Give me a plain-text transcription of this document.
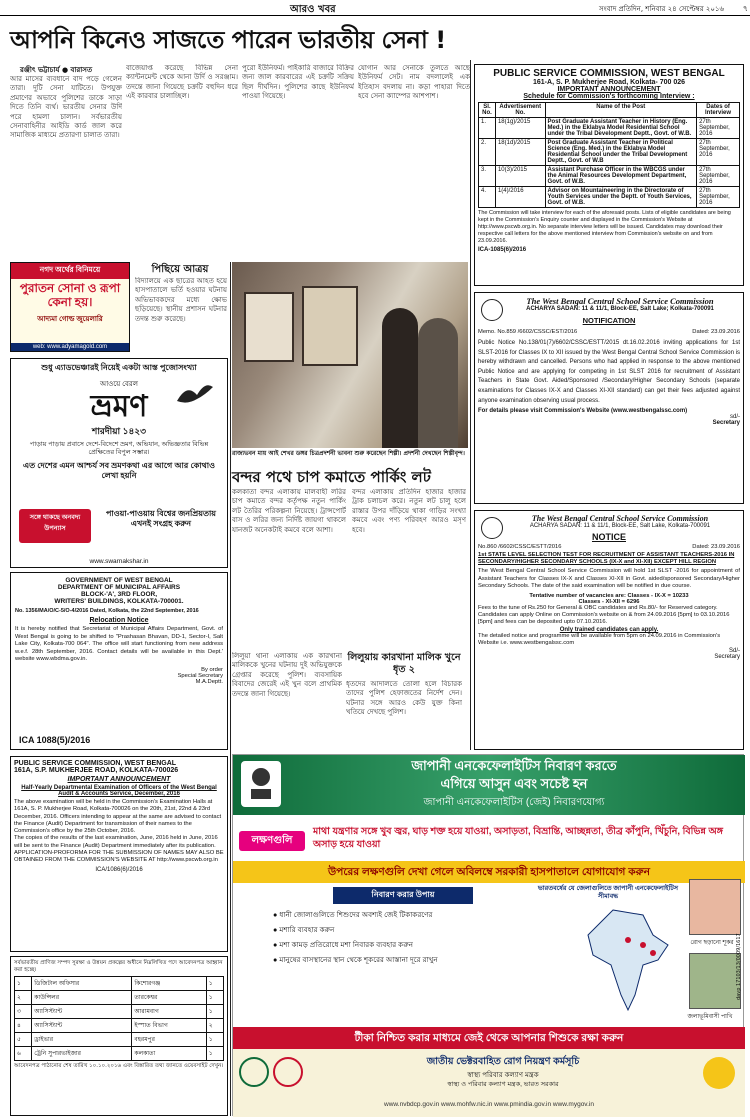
আরও খবর	সংবাদ প্রতিদিন, শনিবার ২৪ সেপ্টেম্বর ২০১৬ ৭
আপনি কিনেও সাজতে পারেন ভারতীয় সেনা !
রঞ্জীৎ ভট্টাচার্য ● বারাসত
আর মাসের ব্যবধানে বাদ পড়ে গেলেন তারা। দুটি সেনা যাটিতে। উপযুক্ত প্রমাণের অভাবে পুলিশের ডাকে সাড়া দিতে তিনি ব্যর্থ। ভারতীয় সেনার উর্দি পরে হামলা চালান। সর্বভারতীয় সেনাবাহিনীর আইডি কার্ড জাল করে সামাজিক মাধ্যমে প্রতারণা চালাত তারা।
বাজেয়াপ্ত করেছে বিভিন্ন সেনা ক্যান্টনমেন্ট থেকে আনা উর্দি ও সরঞ্জাম। তদন্তে জানা গিয়েছে চক্রটি বহুদিন ধরে এই কারবার চালাচ্ছিল।
পুরো ইউনিফর্ম। পাইকারি বাজারে বিক্রির জন্য জাল কারবারের এই চক্রটি সক্রিয় ছিল দীর্ঘদিন। পুলিশের কাছে ইউনিফর্ম পাওয়া গিয়েছে।
যোগান আর সেনাকে তুলতে আছে ইউনিফর্ম সেট। নাম বদলালেই এক ইতিহাস বদলায় না। কড়া পাহারা দিতে হবে সেনা ক্যাম্পের আশপাশ।
নগদ অর্থের বিনিময়ে
পুরাতন সোনা ও রূপা কেনা হয়।
আদ্যমা গোল্ড জুয়েলারি
web: www.adyamagold.com
পিছিয়ে আত্রয়
বিদ্যালয়ে এক ছাত্রের আহত হয়ে হাসপাতালে ভর্তি হওয়ার ঘটনায় অভিভাবকদের মধ্যে ক্ষোভ ছড়িয়েছে। স্থানীয় প্রশাসন ঘটনার তদন্ত শুরু করেছে।
শুধু এ্যাডভেঞ্চারই নিয়েই একটা আস্ত পুজোসংখ্যা
আওয়ে বেরল
ভ্রমণ
শারদীয়া ১৪২৩
পাড়ায় পাড়ায় প্রবাসে দেশে-বিদেশে ভ্রমণ, অভিযান, অভিজ্ঞতার বিভিন্ন প্রেক্ষিতের বিপুল সম্ভার।
এত দেশের এমন আশ্চর্য সব ভ্রমণকথা এর আগে আর কোথাও লেখা হয়নি
সঙ্গে থাকছে অনবদ্য উপন্যাস
পাওয়া-পাওয়ায় বিশ্বের জনপ্রিয়তায় এখনই সংগ্রহ করুন
www.swarnakshar.in
GOVERNMENT OF WEST BENGAL
DEPARTMENT OF MUNICIPAL AFFAIRS
BLOCK-'A', 3RD FLOOR,
WRITERS' BUILDINGS, KOLKATA-700001.
No. 1356/MA/O/C-5/O-4/2016 Dated, Kolkata, the 22nd September, 2016
Relocation Notice
It is hereby notified that Secretariat of Municipal Affairs Department, Govt. of West Bengal is going to be shifted to "Prashasan Bhavan, DD-1, Sector-I, Salt Lake City, Kolkata-700 064". The office will start functioning from new address w.e.f. 28th September, 2016. Contact details will be available in this Dept.' website www.wbdma.gov.in.
By order
Special Secretary
M.A.Deptt.
ICA 1088(5)/2016
PUBLIC SERVICE COMMISSION, WEST BENGAL
161A, S.P. MUKHERJEE ROAD, KOLKATA-700026
IMPORTANT ANNOUNCEMENT
Half-Yearly Departmental Examination of Officers of the West Bengal Audit & Accounts Service, December, 2016
The above examination will be held in the Commission's Examination Halls at 161A, S. P. Mukherjee Road, Kolkata-700026 on the 20th, 21st, 22nd & 23rd December, 2016. Officers intending to appear at the same are advised to contact the Finance (Audit) Department for transmission of their names to the Commission's office by the 25th October, 2016.
The copies of the results of the last examination, June, 2016 held in June, 2016 will be sent to the Finance (Audit) Department immediately after its publication.
APPLICATION-PROFORMA FOR THE SUBMISSION OF NAMES MAY ALSO BE OBTAINED FROM THE COMMISSION'S WEBSITE AT http://www.pscwb.org.in
ICA/1086(6)/2016
সর্বভারতীয় প্রাণিজ সম্পদ সুরক্ষা ও উন্নয়ন প্রকল্পের অধীনে নিম্নলিখিত পদে আবেদনপত্র আহ্বান করা হচ্ছে।
১	ডিজিটাল অফিসার	কিশোরগঞ্জ	১
২	কাউন্সিলর	তারকেশ্বর	১
৩	অ্যাসিস্ট্যান্ট	আরামবাগ	১
৪	অ্যাসিস্ট্যান্ট	ইস্পাত বিভাগ	২
৫	ড্রাইভার	বহরমপুর	১
৬	ট্রেনি সুপারভাইজার	কলকাতা	১
আবেদনপত্র পাঠানোর শেষ তারিখ ১০.১০.২০১৬ এবং বিস্তারিত তথ্য জানতে ওয়েবসাইট দেখুন।
রাজ্যভবন মায় আই শেখর ডঙ্গর চিত্রপ্রদর্শনী ভাবনা শুরু করেছেন শিল্পী। প্রদর্শনী দেখছেন শিল্পীবৃন্দ।
বন্দর পথে চাপ কমাতে পার্কিং লট
কলকাতা বন্দর এলাকায় মালবাহী লরির চাপ কমাতে বন্দর কর্তৃপক্ষ নতুন পার্কিং লট তৈরির পরিকল্পনা নিয়েছে। ট্রান্সপোর্ট বাস ও লরির জন্য নির্দিষ্ট জায়গা থাকলে যানজট অনেকটাই কমবে বলে আশা।
বন্দর এলাকায় প্রতিদিন হাজার হাজার ট্রাক চলাচল করে। নতুন লট চালু হলে রাস্তার উপর দাঁড়িয়ে থাকা গাড়ির সংখ্যা কমবে এবং পণ্য পরিবহণ আরও মসৃণ হবে।
লিলুয়া থানা এলাকায় এক কারখানা মালিককে খুনের ঘটনায় দুই অভিযুক্তকে গ্রেপ্তার করেছে পুলিশ। ব্যবসায়িক বিবাদের জেরেই এই খুন বলে প্রাথমিক তদন্তে জানা গিয়েছে।
লিলুয়ায় কারখানা মালিক খুনে ধৃত ২
ধৃতদের আদালতে তোলা হলে বিচারক তাদের পুলিশ হেফাজতের নির্দেশ দেন। ঘটনার সঙ্গে আরও কেউ যুক্ত কিনা খতিয়ে দেখছে পুলিশ।
PUBLIC SERVICE COMMISSION, WEST BENGAL
161-A, S. P. Mukherjee Road, Kolkata- 700 026
IMPORTANT ANNOUNCEMENT
Schedule for Commission's forthcoming Interview :
Sl. No.	Advertisement No.	Name of the Post	Dates of Interview
1.	18(1g)/2015	Post Graduate Assistant Teacher in History (Eng. Med.) in the Eklabya Model Residential School under the Tribal Development Deptt., Govt. of W.B.	27th September, 2016
2.	18(1d)/2015	Post Graduate Assistant Teacher in Political Science (Eng. Med.) in the Eklabya Model Residential School under the Tribal Development Deptt., Govt. of W.B	27th September, 2016
3.	10(3)/2015	Assistant Purchase Officer in the WBCGS under the Animal Resources Development Department, Govt. of W.B.	27th September, 2016
4.	1(4)/2016	Advisor on Mountaineering in the Directorate of Youth Services under the Deptt. of Youth Services, Govt. of W.B.	27th September, 2016
The Commission will take interview for each of the aforesaid posts. Lists of eligible candidates are being kept in the Commission's Enquiry counter and displayed in the Commission's Website at http://www.pscwb.org.in. No separate interview letters will be issued. Candidates may download their respective call letters for the above mentioned interview from Commission's website on and from 23.09.2016.
ICA-1085(6)/2016
The West Bengal Central School Service Commission
ACHARYA SADAN: 11 & 11/1, Block-EE, Salt Lake; Kolkata-700091
NOTIFICATION
Memo. No.859 /6602/CSSC/EST/2016	Dated: 23.09.2016
Public Notice No.138/01(7)/6602/CSSC/ESTT/2015 dt.16.02.2016 inviting applications for 1st SLST-2016 for Classes IX to XII issued by the West Bengal Central School Service Commission is hereby withdrawn and cancelled. Persons who had applied in response to the above mentioned Public Notice and are applying for competing in 1st SLST 2016 for recruitment of Assistant Teachers in State Govt. Aided/Sponsored /Secondary/Higher Secondary Schools (separate examinations for Classes IX-X and Classes XI-XII standard) can get their fees adjusted against anyone examination observing usual process.
For details please visit Commission's Website (www.westbengalssc.com)
sd/-
Secretary
The West Bengal Central School Service Commission
ACHARYA SADAN: 11 & 11/1, Block-EE, Salt Lake, Kolkata-700091
NOTICE
No.860 /6602/CSSC/ESTT/2016	Dated: 23.09.2016
1st STATE LEVEL SELECTION TEST FOR RECRUITMENT OF ASSISTANT TEACHERS-2016 IN SECONDARY/HIGHER SECONDARY SCHOOLS (IX-X and XI-XII) EXCEPT HILL REGION
The West Bengal Central School Service Commission will hold 1st SLST -2016 for appointment of Assistant Teachers for Classes IX-X and Classes XI-XII in Govt. aided/sponsored Secondary/Higher Secondary Schools. The date of the said examination will be notified in due course.
Tentative number of vacancies are: Classes - IX-X = 10233
Classes - XI-XII = 6296
Fees to the tune of Rs.250 for General & OBC candidates and Rs.80/- for Reserved category.
Candidates can apply Online on Commission's website on & from 24.09.2016 [5pm] to 03.10.2016 [5pm] and fees can be deposited upto 07.10.2016.
Only trained candidates can apply.
The detailed notice and programme will be available from 5pm on 24.09.2016 in Commission's Website i.e. www.westbengalssc.com
Sd/-
Secretary
জাপানী এনকেফেলাইটিস নিবারণ করতে
এগিয়ে আসুন এবং সচেষ্ট হন
জাপানী এনকেফেলাইটিস (জেই) নিবারণযোগ্য
লক্ষণগুলি
মাথা যন্ত্রণার সঙ্গে খুব জ্বর, ঘাড় শক্ত হয়ে যাওয়া, অসাড়তা, বিভ্রান্তি, আচ্ছন্নতা, তীব্র কাঁপুনি, খিঁচুনি, বিভিন্ন অঙ্গ অসাড় হয়ে যাওয়া
উপরের লক্ষণগুলি দেখা গেলে অবিলম্বে সরকারী হাসপাতালে যোগাযোগ করুন
নিবারণ করার উপায়
ভারতবর্ষের যে জেলাগুলিতে জাপানী এনকেফেলাইটিস সীমাবদ্ধ
● ধানী জোলাগুলিতে শিশুদের অবশ্যই জেই টিকাকরণের
● মশারি ব্যবহার করুন
● মশা কামড় প্রতিরোধে মশা নিবারক ব্যবহার করুন
● মানুষের বাসস্থানের স্থান থেকে শূকরের আস্তানা দূরে রাখুন
রোগ ছড়ানো শূকর
জলাভূমিবাসী পাখি
টীকা নিশ্চিত করার মাধ্যমে জেই থেকে আপনার শিশুকে রক্ষা করুন
জাতীয় ভেক্টরবাহিত রোগ নিয়ন্ত্রণ কর্মসূচি
স্বাস্থ্য পরিবার কল্যাণ মন্ত্রক
স্বাস্থ্য ও পরিবার কল্যাণ মন্ত্রক, ভারত সরকার
www.nvbdcp.gov.in www.mohfw.nic.in www.pmindia.gov.in www.mygov.in
davp 17103/13/0009/1617
